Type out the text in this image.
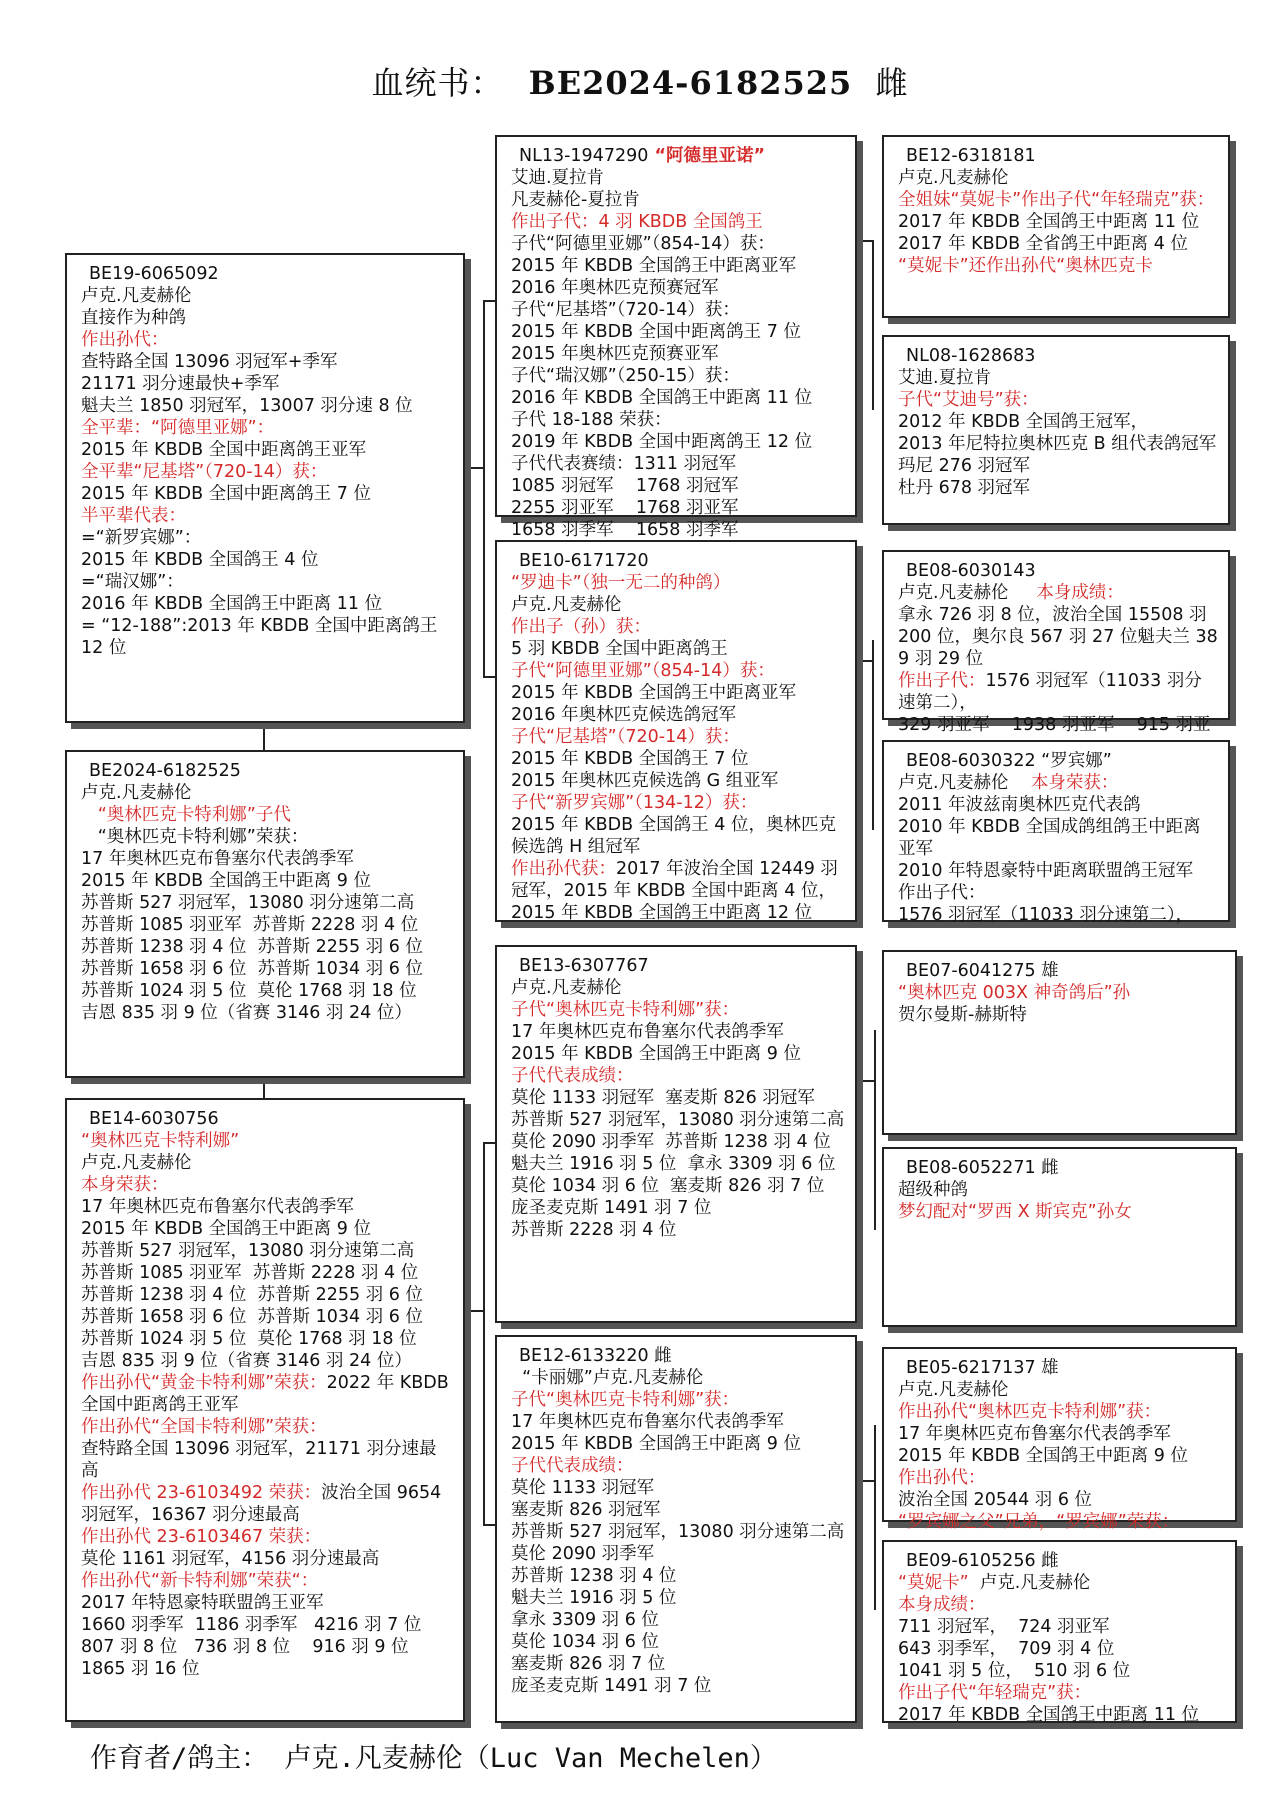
血统书： BE2024-6182525 雌
BE19-6065092
卢克.凡麦赫伦
直接作为种鸽
作出孙代：
查特路全国 13096 羽冠军+季军
21171 羽分速最快+季军
魁夫兰 1850 羽冠军，13007 羽分速 8 位
全平辈：“阿德里亚娜”：
2015 年 KBDB 全国中距离鸽王亚军
全平辈“尼基塔”（720-14）获：
2015 年 KBDB 全国中距离鸽王 7 位
半平辈代表：
=“新罗宾娜”：
2015 年 KBDB 全国鸽王 4 位
=“瑞汉娜”：
2016 年 KBDB 全国鸽王中距离 11 位
= “12-188”:2013 年 KBDB 全国中距离鸽王 12 位
BE2024-6182525
卢克.凡麦赫伦
“奥林匹克卡特利娜”子代
“奥林匹克卡特利娜”荣获：
17 年奥林匹克布鲁塞尔代表鸽季军
2015 年 KBDB 全国鸽王中距离 9 位
苏普斯 527 羽冠军，13080 羽分速第二高
苏普斯 1085 羽亚军  苏普斯 2228 羽 4 位
苏普斯 1238 羽 4 位  苏普斯 2255 羽 6 位
苏普斯 1658 羽 6 位  苏普斯 1034 羽 6 位
苏普斯 1024 羽 5 位  莫伦 1768 羽 18 位
吉恩 835 羽 9 位（省赛 3146 羽 24 位）
BE14-6030756
“奥林匹克卡特利娜”
卢克.凡麦赫伦
本身荣获：
17 年奥林匹克布鲁塞尔代表鸽季军
2015 年 KBDB 全国鸽王中距离 9 位
苏普斯 527 羽冠军，13080 羽分速第二高
苏普斯 1085 羽亚军  苏普斯 2228 羽 4 位
苏普斯 1238 羽 4 位  苏普斯 2255 羽 6 位
苏普斯 1658 羽 6 位  苏普斯 1034 羽 6 位
苏普斯 1024 羽 5 位  莫伦 1768 羽 18 位
吉恩 835 羽 9 位（省赛 3146 羽 24 位）
作出孙代“黄金卡特利娜”荣获：2022 年 KBDB 全国中距离鸽王亚军
作出孙代“全国卡特利娜”荣获：
查特路全国 13096 羽冠军，21171 羽分速最高
作出孙代 23-6103492 荣获：波治全国 9654 羽冠军，16367 羽分速最高
作出孙代 23-6103467 荣获：
莫伦 1161 羽冠军，4156 羽分速最高
作出孙代“新卡特利娜”荣获“：
2017 年特恩豪特联盟鸽王亚军
1660 羽季军  1186 羽季军   4216 羽 7 位
807 羽 8 位   736 羽 8 位    916 羽 9 位
1865 羽 16 位
NL13-1947290 “阿德里亚诺”
艾迪.夏拉肯
凡麦赫伦-夏拉肯
作出子代：4 羽 KBDB 全国鸽王
子代“阿德里亚娜”（854-14）获：
2015 年 KBDB 全国鸽王中距离亚军
2016 年奥林匹克预赛冠军
子代“尼基塔”（720-14）获：
2015 年 KBDB 全国中距离鸽王 7 位
2015 年奥林匹克预赛亚军
子代“瑞汉娜”（250-15）获：
2016 年 KBDB 全国鸽王中距离 11 位
子代 18-188 荣获：
2019 年 KBDB 全国中距离鸽王 12 位
子代代表赛绩：1311 羽冠军
1085 羽冠军    1768 羽冠军
2255 羽亚军    1768 羽亚军
1658 羽季军    1658 羽季军
BE10-6171720
“罗迪卡”（独一无二的种鸽）
卢克.凡麦赫伦
作出子（孙）获：
5 羽 KBDB 全国中距离鸽王
子代“阿德里亚娜”（854-14）获：
2015 年 KBDB 全国鸽王中距离亚军
2016 年奥林匹克候选鸽冠军
子代“尼基塔”（720-14）获：
2015 年 KBDB 全国鸽王 7 位
2015 年奥林匹克候选鸽 G 组亚军
子代“新罗宾娜”（134-12）获：
2015 年 KBDB 全国鸽王 4 位，奥林匹克候选鸽 H 组冠军
作出孙代获：2017 年波治全国 12449 羽冠军，2015 年 KBDB 全国中距离 4 位，2015 年 KBDB 全国鸽王中距离 12 位
BE13-6307767
卢克.凡麦赫伦
子代“奥林匹克卡特利娜”获：
17 年奥林匹克布鲁塞尔代表鸽季军
2015 年 KBDB 全国鸽王中距离 9 位
子代代表成绩：
莫伦 1133 羽冠军  塞麦斯 826 羽冠军
苏普斯 527 羽冠军，13080 羽分速第二高
莫伦 2090 羽季军  苏普斯 1238 羽 4 位
魁夫兰 1916 羽 5 位  拿永 3309 羽 6 位
莫伦 1034 羽 6 位  塞麦斯 826 羽 7 位
庞圣麦克斯 1491 羽 7 位
苏普斯 2228 羽 4 位
BE12-6133220 雌
“卡丽娜”卢克.凡麦赫伦
子代“奥林匹克卡特利娜”获：
17 年奥林匹克布鲁塞尔代表鸽季军
2015 年 KBDB 全国鸽王中距离 9 位
子代代表成绩：
莫伦 1133 羽冠军
塞麦斯 826 羽冠军
苏普斯 527 羽冠军，13080 羽分速第二高
莫伦 2090 羽季军
苏普斯 1238 羽 4 位
魁夫兰 1916 羽 5 位
拿永 3309 羽 6 位
莫伦 1034 羽 6 位
塞麦斯 826 羽 7 位
庞圣麦克斯 1491 羽 7 位
BE12-6318181
卢克.凡麦赫伦
全姐妹“莫妮卡”作出子代“年轻瑞克”获：
2017 年 KBDB 全国鸽王中距离 11 位
2017 年 KBDB 全省鸽王中距离 4 位
“莫妮卡”还作出孙代“奥林匹克卡
NL08-1628683
艾迪.夏拉肯
子代“艾迪号”获：
2012 年 KBDB 全国鸽王冠军，
2013 年尼特拉奥林匹克 B 组代表鸽冠军
玛尼 276 羽冠军
杜丹 678 羽冠军
BE08-6030143
卢克.凡麦赫伦     本身成绩：
拿永 726 羽 8 位，波治全国 15508 羽 200 位，奥尔良 567 羽 27 位魁夫兰 389 羽 29 位
作出子代：1576 羽冠军（11033 羽分速第二），
329 羽亚军    1938 羽亚军    915 羽亚
BE08-6030322 “罗宾娜”
卢克.凡麦赫伦    本身荣获：
2011 年波兹南奥林匹克代表鸽
2010 年 KBDB 全国成鸽组鸽王中距离亚军
2010 年特恩豪特中距离联盟鸽王冠军
作出子代：
1576 羽冠军（11033 羽分速第二），
BE07-6041275 雄
“奥林匹克 003X 神奇鸽后”孙
贺尔曼斯-赫斯特
BE08-6052271 雌
超级种鸽
梦幻配对“罗西 X 斯宾克”孙女
BE05-6217137 雄
卢克.凡麦赫伦
作出孙代“奥林匹克卡特利娜”获：
17 年奥林匹克布鲁塞尔代表鸽季军
2015 年 KBDB 全国鸽王中距离 9 位
作出孙代：
波治全国 20544 羽 6 位
“罗宾娜之父”兄弟，“罗宾娜”荣获：
BE09-6105256 雌
“莫妮卡”  卢克.凡麦赫伦
本身成绩：
711 羽冠军，  724 羽亚军
643 羽季军，  709 羽 4 位
1041 羽 5 位，  510 羽 6 位
作出子代“年轻瑞克”获：
2017 年 KBDB 全国鸽王中距离 11 位
作育者/鸽主： 卢克.凡麦赫伦（Luc Van Mechelen）
